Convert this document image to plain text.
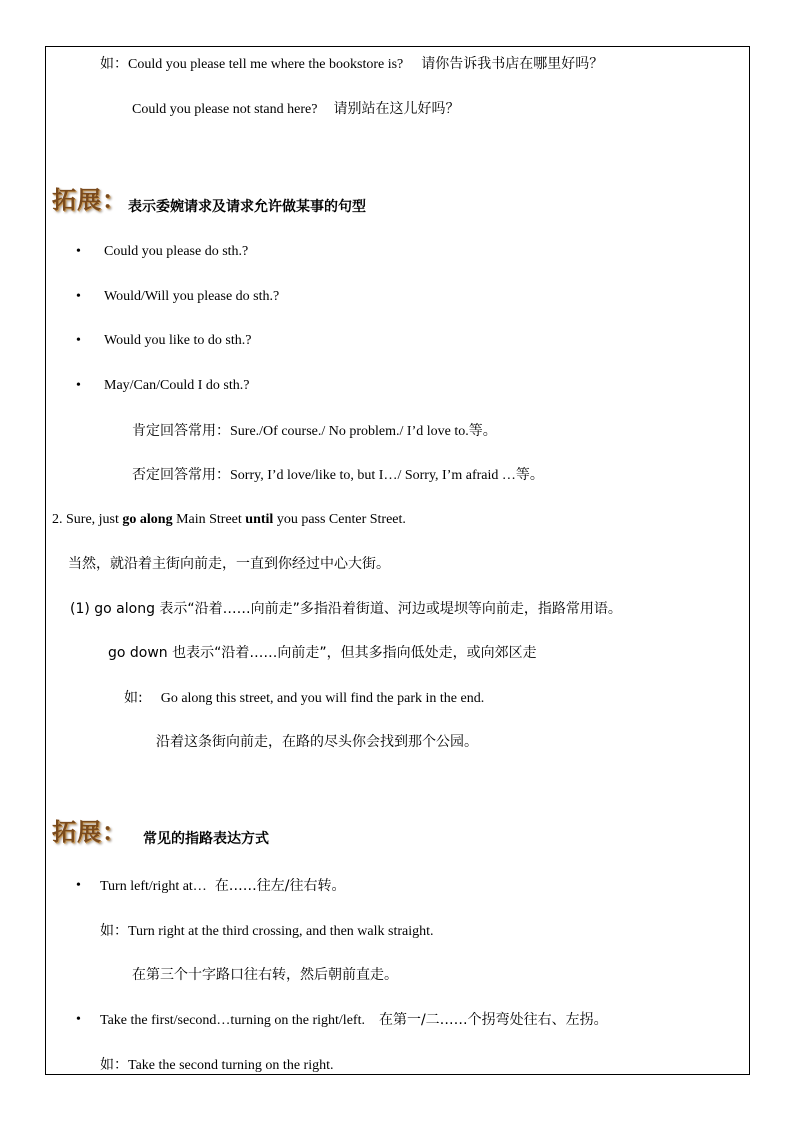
如：Could you please tell me where the bookstore is? 请你告诉我书店在哪里好吗？
Could you please not stand here? 请别站在这儿好吗？
拓展： 表示委婉请求及请求允许做某事的句型
• Could you please do sth.?
• Would/Will you please do sth.?
• Would you like to do sth.?
• May/Can/Could I do sth.?
肯定回答常用：Sure./Of course./ No problem./ I’d love to.等。
否定回答常用：Sorry, I’d love/like to, but I…/ Sorry, I’m afraid …等。
2. Sure, just go along Main Street until you pass Center Street.
当然，就沿着主街向前走，一直到你经过中心大街。
(1) go along 表示“沿着……向前走”多指沿着街道、河边或堤坝等向前走，指路常用语。
go down 也表示“沿着……向前走”，但其多指向低处走，或向郊区走
如: Go along this street, and you will find the park in the end.
沿着这条街向前走，在路的尽头你会找到那个公园。
拓展： 常见的指路表达方式
• Turn left/right at… 在……往左/往右转。
如：Turn right at the third crossing, and then walk straight.
在第三个十字路口往右转，然后朝前直走。
• Take the first/second…turning on the right/left. 在第一/二……个拐弯处往右、左拐。
如：Take the second turning on the right.
